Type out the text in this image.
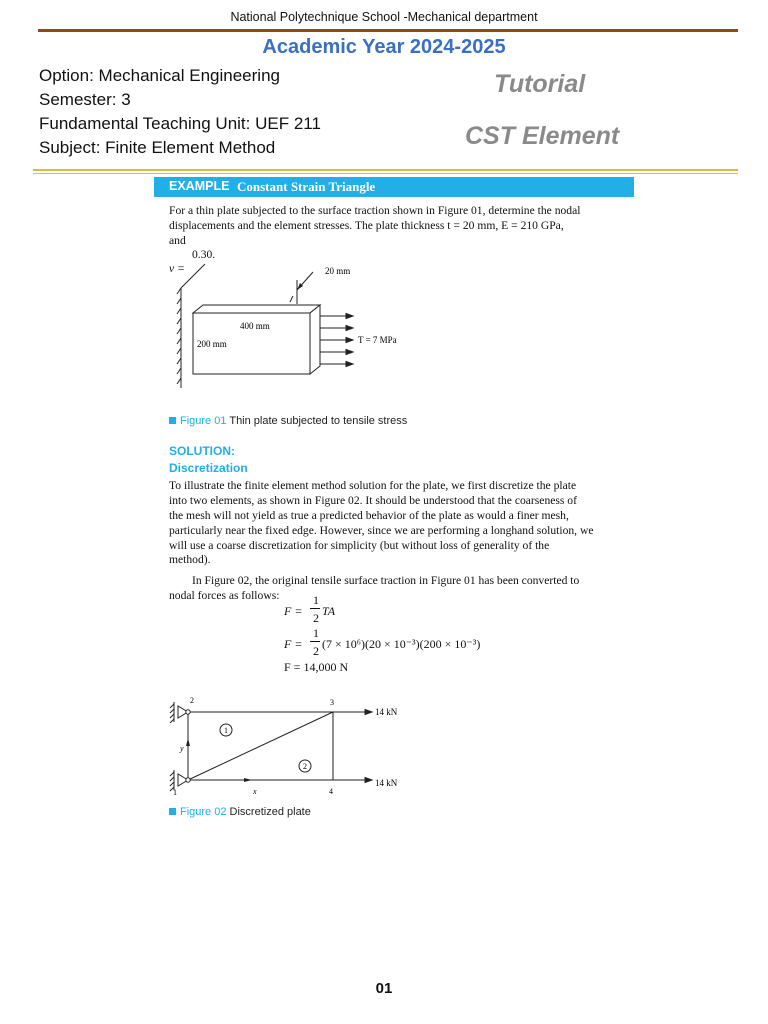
National Polytechnique School -Mechanical department
Academic Year 2024-2025
Option: Mechanical Engineering
Semester: 3
Fundamental Teaching Unit: UEF 211
Subject: Finite Element Method
Tutorial
CST Element
EXAMPLE Constant Strain Triangle
For a thin plate subjected to the surface traction shown in Figure 01, determine the nodal
displacements and the element stresses. The plate thickness t = 20 mm, E = 210 GPa,
and
0.30.
ν =	20 mm
400 mm
200 mm	T = 7 MPa
Figure 01 Thin plate subjected to tensile stress
SOLUTION:
Discretization
To illustrate the finite element method solution for the plate, we first discretize the plate
into two elements, as shown in Figure 02. It should be understood that the coarseness of
the mesh will not yield as true a predicted behavior of the plate as would a finer mesh,
particularly near the fixed edge. However, since we are performing a longhand solution, we
will use a coarse discretization for simplicity (but without loss of generality of the
method).
In Figure 02, the original tensile surface traction in Figure 01 has been converted to
nodal forces as follows:
F =
1
2 TA
F =
1
2 (7 × 10⁶)(20 × 10⁻³)(200 × 10⁻³)
F = 14,000 N
1
2
2
1
3
4
y
x
14 kN
14 kN
Figure 02 Discretized plate
01
